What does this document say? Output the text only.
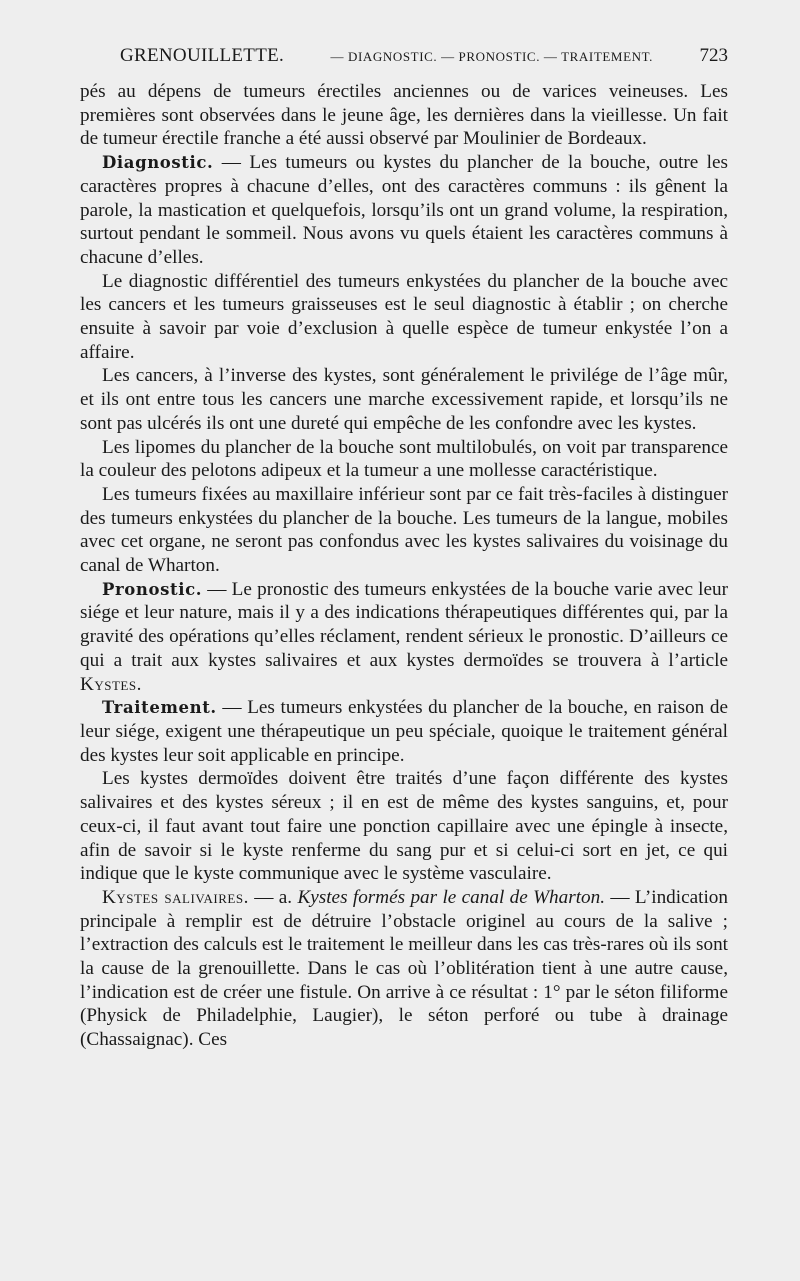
GRENOUILLETTE.	— DIAGNOSTIC. — PRONOSTIC. — TRAITEMENT. 723

pés au dépens de tumeurs érectiles anciennes ou de varices veineuses. Les premières sont observées dans le jeune âge, les dernières dans la vieillesse. Un fait de tumeur érectile franche a été aussi observé par Moulinier de Bordeaux.

Diagnostic. — Les tumeurs ou kystes du plancher de la bouche, outre les caractères propres à chacune d’elles, ont des caractères communs : ils gênent la parole, la mastication et quelquefois, lorsqu’ils ont un grand volume, la respiration, surtout pendant le sommeil. Nous avons vu quels étaient les caractères communs à chacune d’elles.

Le diagnostic différentiel des tumeurs enkystées du plancher de la bouche avec les cancers et les tumeurs graisseuses est le seul diagnostic à établir ; on cherche ensuite à savoir par voie d’exclusion à quelle espèce de tumeur enkystée l’on a affaire.

Les cancers, à l’inverse des kystes, sont généralement le privilége de l’âge mûr, et ils ont entre tous les cancers une marche excessivement rapide, et lorsqu’ils ne sont pas ulcérés ils ont une dureté qui empêche de les confondre avec les kystes.

Les lipomes du plancher de la bouche sont multilobulés, on voit par transparence la couleur des pelotons adipeux et la tumeur a une mollesse caractéristique.

Les tumeurs fixées au maxillaire inférieur sont par ce fait très-faciles à distinguer des tumeurs enkystées du plancher de la bouche. Les tumeurs de la langue, mobiles avec cet organe, ne seront pas confondus avec les kystes salivaires du voisinage du canal de Wharton.

Pronostic. — Le pronostic des tumeurs enkystées de la bouche varie avec leur siége et leur nature, mais il y a des indications thérapeutiques différentes qui, par la gravité des opérations qu’elles réclament, rendent sérieux le pronostic. D’ailleurs ce qui a trait aux kystes salivaires et aux kystes dermoïdes se trouvera à l’article Kystes.

Traitement. — Les tumeurs enkystées du plancher de la bouche, en raison de leur siége, exigent une thérapeutique un peu spéciale, quoique le traitement général des kystes leur soit applicable en principe.

Les kystes dermoïdes doivent être traités d’une façon différente des kystes salivaires et des kystes séreux ; il en est de même des kystes sanguins, et, pour ceux-ci, il faut avant tout faire une ponction capillaire avec une épingle à insecte, afin de savoir si le kyste renferme du sang pur et si celui-ci sort en jet, ce qui indique que le kyste communique avec le système vasculaire.

Kystes salivaires. — a. Kystes formés par le canal de Wharton. — L’indication principale à remplir est de détruire l’obstacle originel au cours de la salive ; l’extraction des calculs est le traitement le meilleur dans les cas très-rares où ils sont la cause de la grenouillette. Dans le cas où l’oblitération tient à une autre cause, l’indication est de créer une fistule. On arrive à ce résultat : 1° par le séton filiforme (Physick de Philadelphie, Laugier), le séton perforé ou tube à drainage (Chassaignac). Ces
